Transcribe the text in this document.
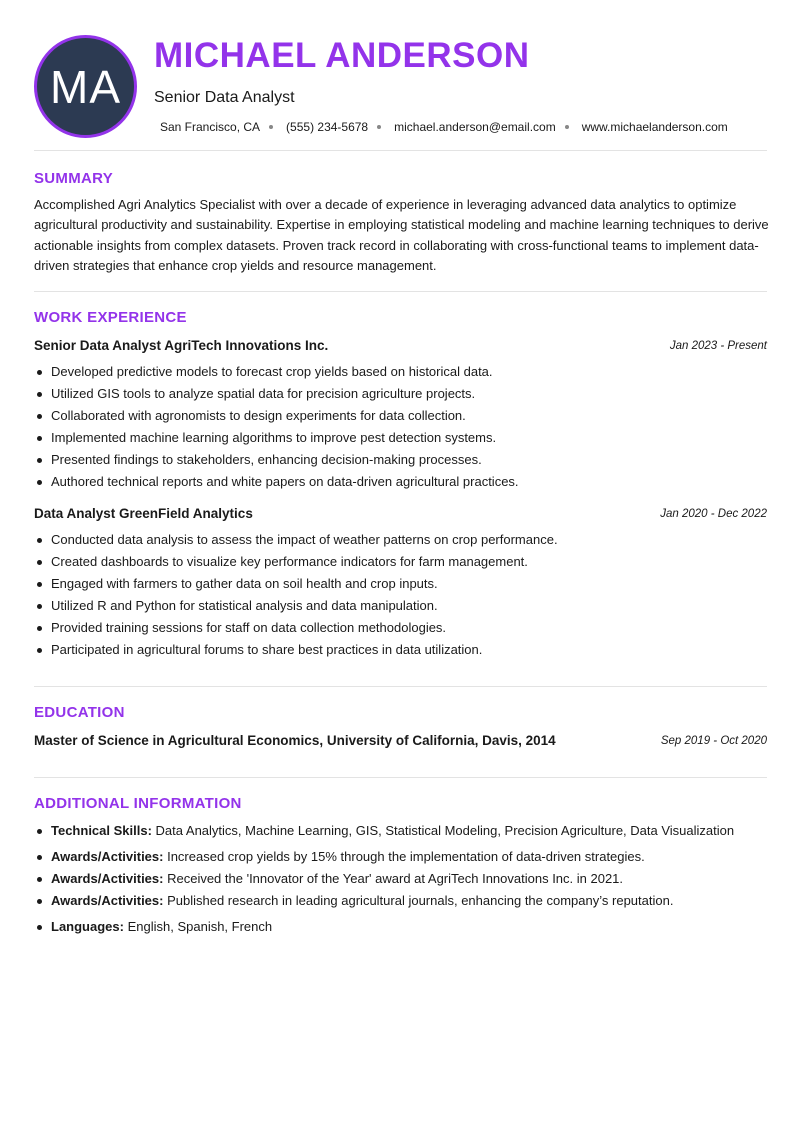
MA
MICHAEL ANDERSON
Senior Data Analyst
San Francisco, CA (555) 234-5678 michael.anderson@email.com www.michaelanderson.com
SUMMARY

Accomplished Agri Analytics Specialist with over a decade of experience in leveraging advanced data analytics to optimize agricultural productivity and sustainability. Expertise in employing statistical modeling and machine learning techniques to derive actionable insights from complex datasets. Proven track record in collaborating with cross-functional teams to implement data-driven strategies that enhance crop yields and resource management.

WORK EXPERIENCE
Senior Data Analyst AgriTech Innovations Inc.	Jan 2023 - Present
Developed predictive models to forecast crop yields based on historical data.
Utilized GIS tools to analyze spatial data for precision agriculture projects.
Collaborated with agronomists to design experiments for data collection.
Implemented machine learning algorithms to improve pest detection systems.
Presented findings to stakeholders, enhancing decision-making processes.
Authored technical reports and white papers on data-driven agricultural practices.
Data Analyst GreenField Analytics	Jan 2020 - Dec 2022
Conducted data analysis to assess the impact of weather patterns on crop performance.
Created dashboards to visualize key performance indicators for farm management.
Engaged with farmers to gather data on soil health and crop inputs.
Utilized R and Python for statistical analysis and data manipulation.
Provided training sessions for staff on data collection methodologies.
Participated in agricultural forums to share best practices in data utilization.
EDUCATION
Master of Science in Agricultural Economics, University of California, Davis, 2014	Sep 2019 - Oct 2020
ADDITIONAL INFORMATION
Technical Skills: Data Analytics, Machine Learning, GIS, Statistical Modeling, Precision Agriculture, Data Visualization
Awards/Activities: Increased crop yields by 15% through the implementation of data-driven strategies.
Awards/Activities: Received the 'Innovator of the Year' award at AgriTech Innovations Inc. in 2021.
Awards/Activities: Published research in leading agricultural journals, enhancing the company’s reputation.
Languages: English, Spanish, French
